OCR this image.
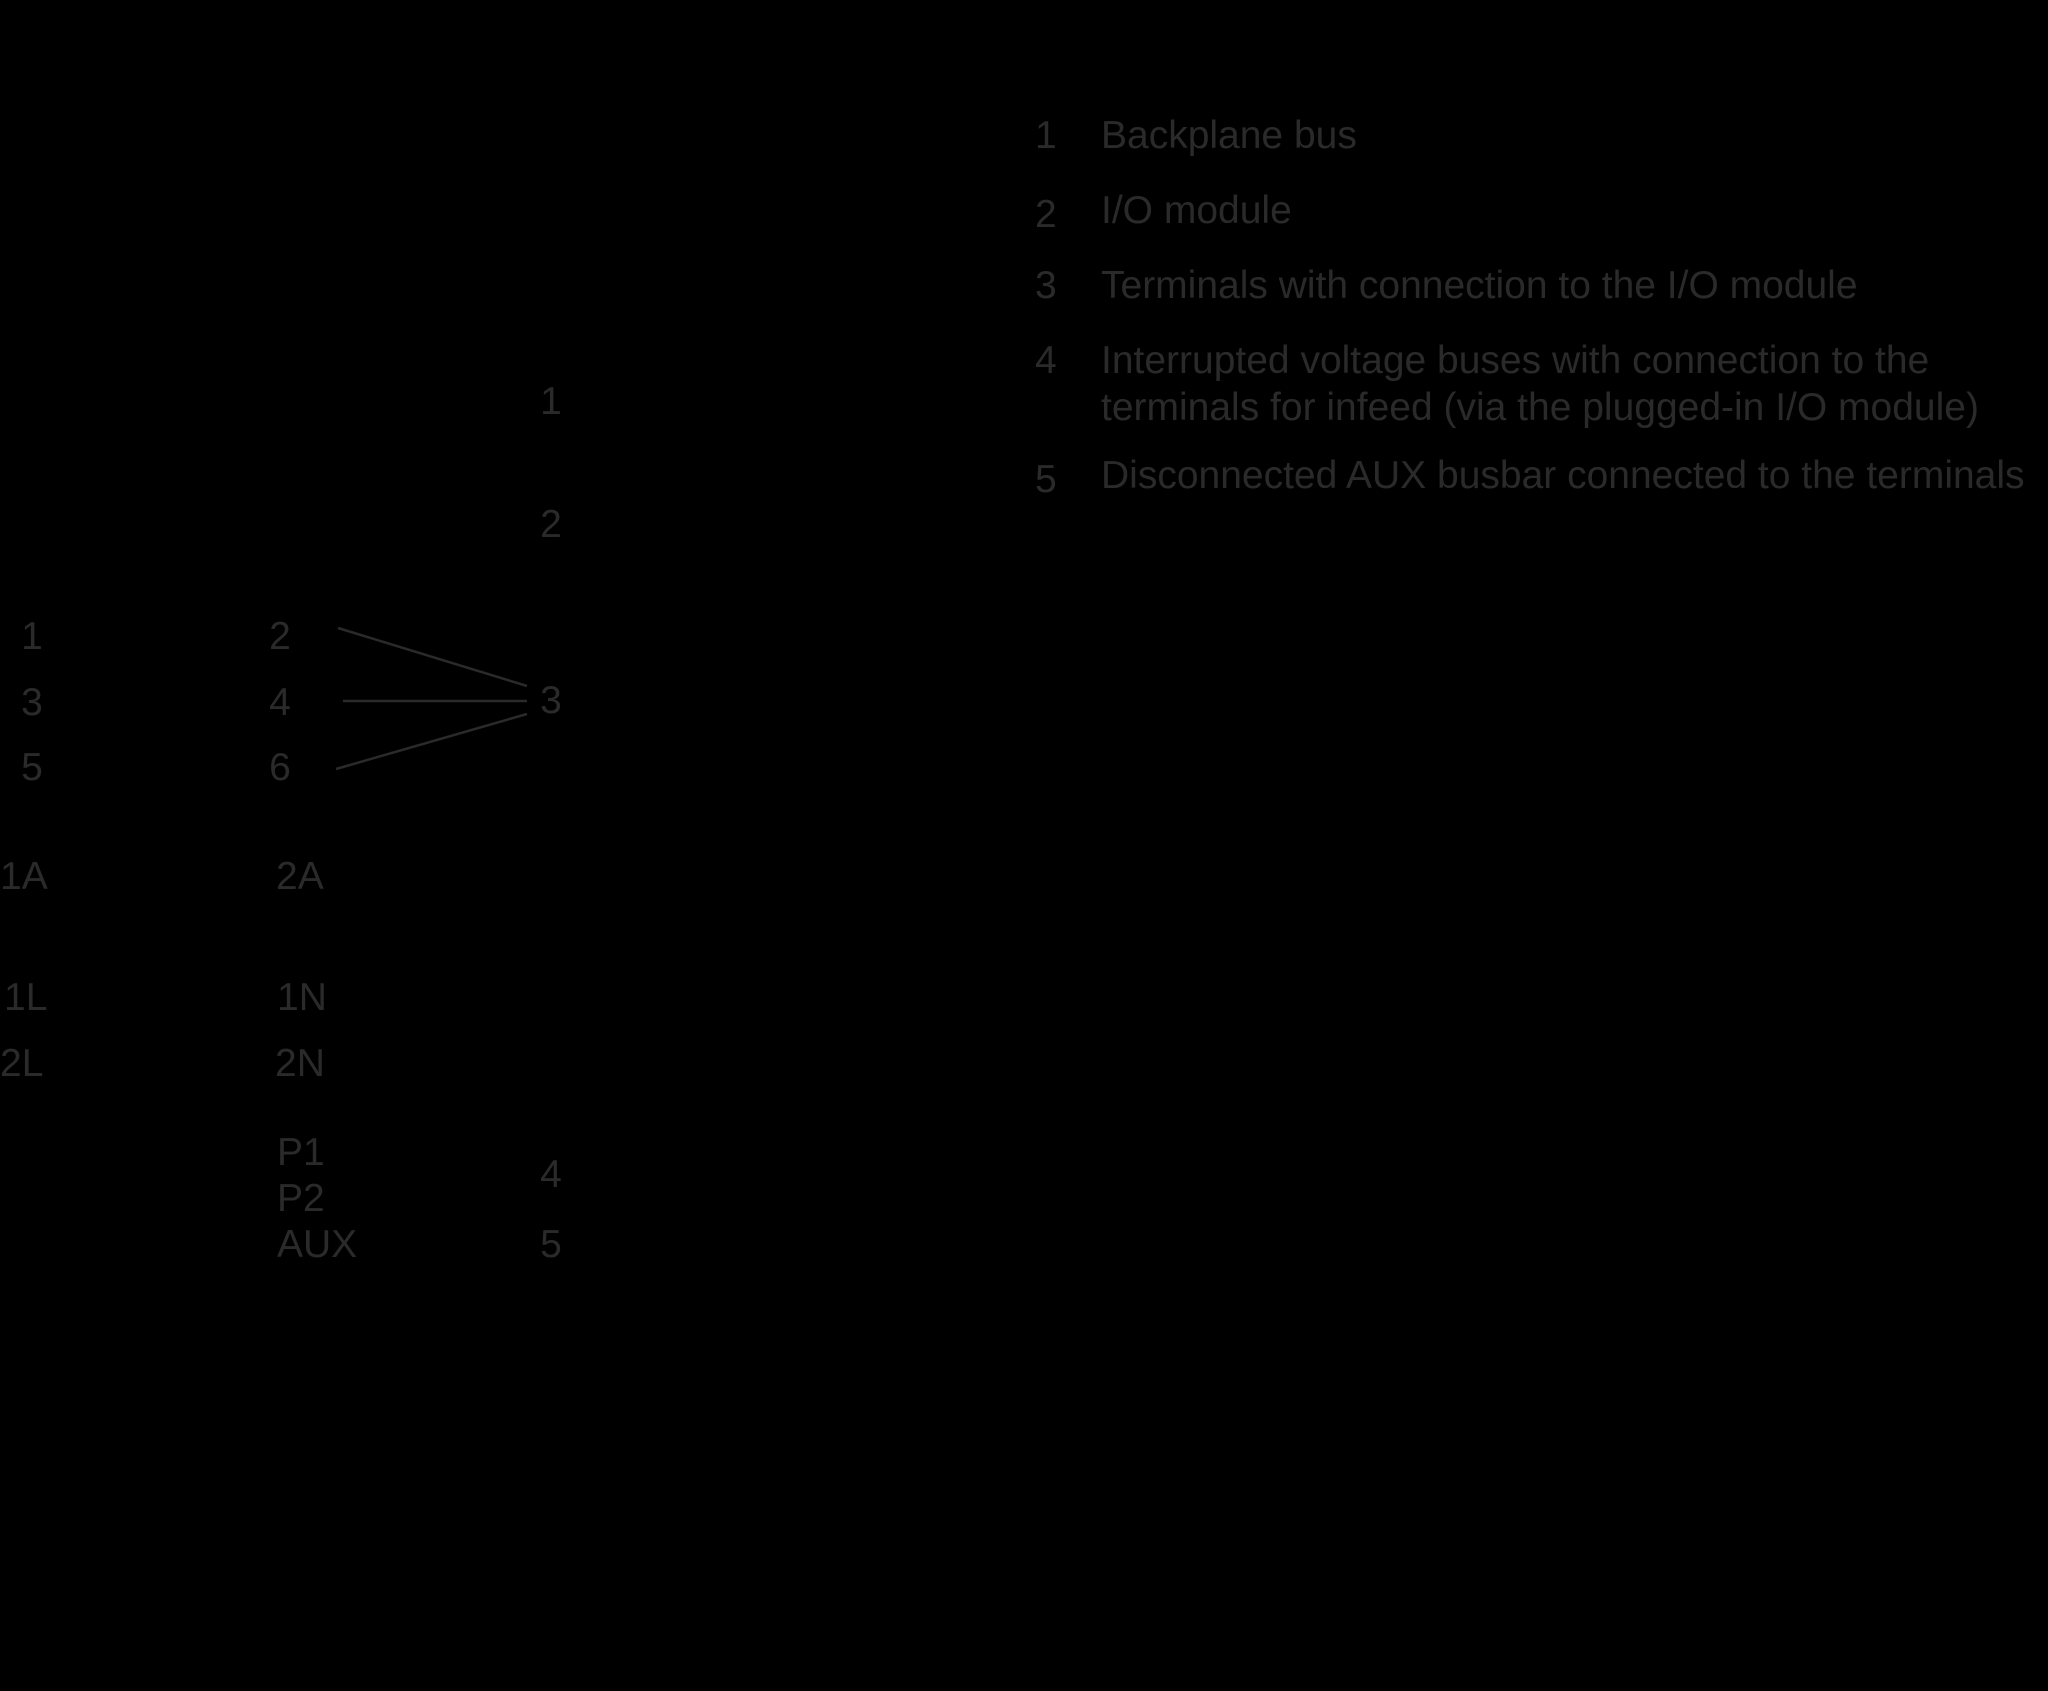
1
2
3
4
5
1
3
5
1A
1L
2L
2
4
6
2A
1N
2N
P1
P2
AUX
1 Backplane bus
2 I/O module
3 Terminals with connection to the I/O module
4 Interrupted voltage buses with connection to the
terminals for infeed (via the plugged-in I/O module)
5 Disconnected AUX busbar connected to the terminals
